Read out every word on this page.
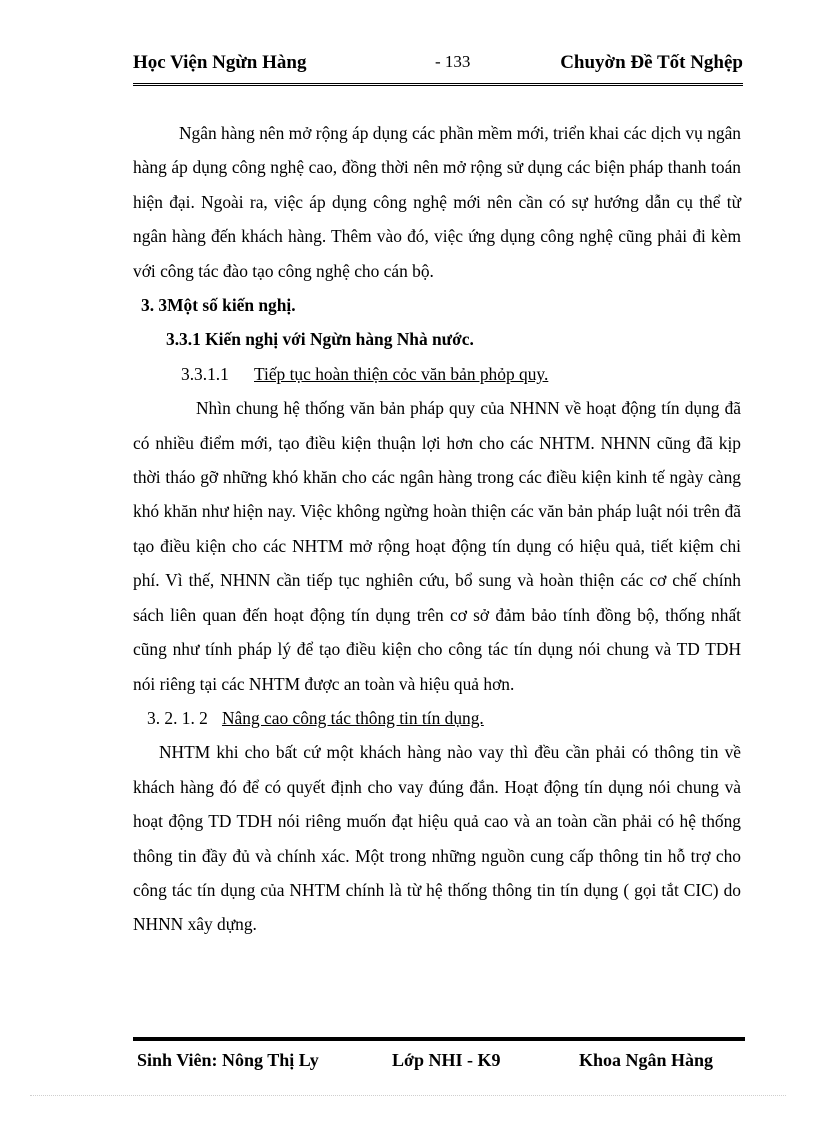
Học Viện Ngừn Hàng	- 133	Chuyờn Đề Tốt Nghệp

Ngân hàng nên mở rộng áp dụng các phần mềm mới, triển khai các dịch vụ ngân hàng áp dụng công nghệ cao, đồng thời nên mở rộng sử dụng các biện pháp thanh toán hiện đại. Ngoài ra, việc áp dụng công nghệ mới nên cần có sự hướng dẫn cụ thể từ ngân hàng đến khách hàng. Thêm vào đó, việc ứng dụng công nghệ cũng phải đi kèm với công tác đào tạo công nghệ cho cán bộ.

3. 3Một số kiến nghị.

3.3.1 Kiến nghị với Ngừn hàng Nhà nước.

3.3.1.1 Tiếp tục hoàn thiện cỏc văn bản phỏp quy.

Nhìn chung hệ thống văn bản pháp quy của NHNN về hoạt động tín dụng đã có nhiều điểm mới, tạo điều kiện thuận lợi hơn cho các NHTM. NHNN cũng đã kịp thời tháo gỡ những khó khăn cho các ngân hàng trong các điều kiện kinh tế ngày càng khó khăn như hiện nay. Việc không ngừng hoàn thiện các văn bản pháp luật nói trên đã tạo điều kiện cho các NHTM mở rộng hoạt động tín dụng có hiệu quả, tiết kiệm chi phí. Vì thế, NHNN cần tiếp tục nghiên cứu, bổ sung và hoàn thiện các cơ chế chính sách liên quan đến hoạt động tín dụng trên cơ sở đảm bảo tính đồng bộ, thống nhất cũng như tính pháp lý để tạo điều kiện cho công tác tín dụng nói chung và TD TDH nói riêng tại các NHTM được an toàn và hiệu quả hơn.

3. 2. 1. 2 Nâng cao công tác thông tin tín dụng.

NHTM khi cho bất cứ một khách hàng nào vay thì đều cần phải có thông tin về khách hàng đó để có quyết định cho vay đúng đắn. Hoạt động tín dụng nói chung và hoạt động TD TDH nói riêng muốn đạt hiệu quả cao và an toàn cần phải có hệ thống thông tin đầy đủ và chính xác. Một trong những nguồn cung cấp thông tin hỗ trợ cho công tác tín dụng của NHTM chính là từ hệ thống thông tin tín dụng ( gọi tắt CIC) do NHNN xây dựng.

Sinh Viên: Nông Thị Ly	Lớp NHI - K9	Khoa Ngân Hàng
